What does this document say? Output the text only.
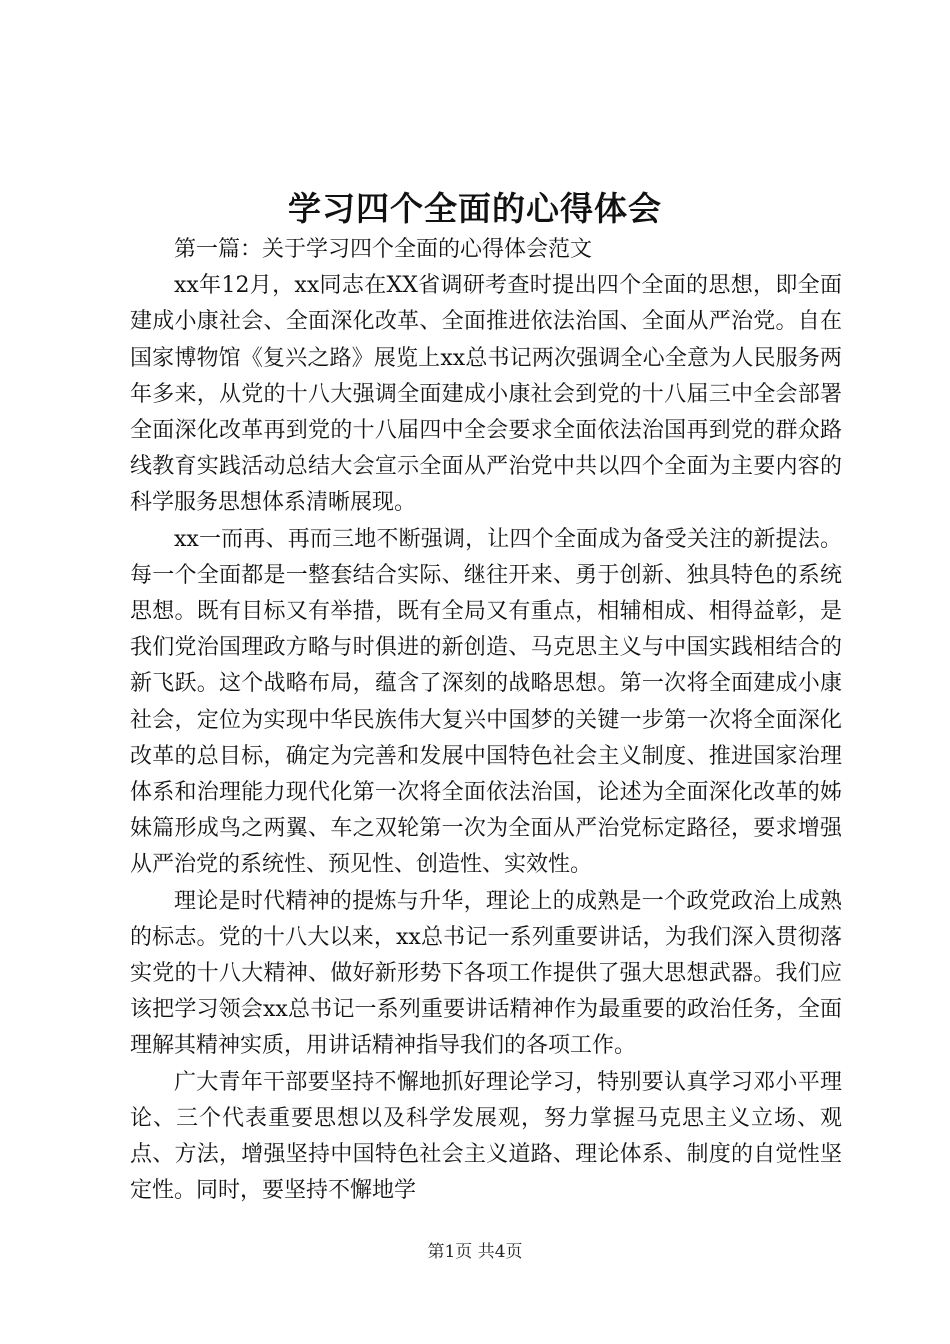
学习四个全面的心得体会

第一篇：关于学习四个全面的心得体会范文

xx年12月，xx同志在XX省调研考查时提出四个全面的思想，即全面建成小康社会、全面深化改革、全面推进依法治国、全面从严治党。自在国家博物馆《复兴之路》展览上xx总书记两次强调全心全意为人民服务两年多来，从党的十八大强调全面建成小康社会到党的十八届三中全会部署全面深化改革再到党的十八届四中全会要求全面依法治国再到党的群众路线教育实践活动总结大会宣示全面从严治党中共以四个全面为主要内容的科学服务思想体系清晰展现。

xx一而再、再而三地不断强调，让四个全面成为备受关注的新提法。每一个全面都是一整套结合实际、继往开来、勇于创新、独具特色的系统思想。既有目标又有举措，既有全局又有重点，相辅相成、相得益彰，是我们党治国理政方略与时俱进的新创造、马克思主义与中国实践相结合的新飞跃。这个战略布局，蕴含了深刻的战略思想。第一次将全面建成小康社会，定位为实现中华民族伟大复兴中国梦的关键一步第一次将全面深化改革的总目标，确定为完善和发展中国特色社会主义制度、推进国家治理体系和治理能力现代化第一次将全面依法治国，论述为全面深化改革的姊妹篇形成鸟之两翼、车之双轮第一次为全面从严治党标定路径，要求增强从严治党的系统性、预见性、创造性、实效性。

理论是时代精神的提炼与升华，理论上的成熟是一个政党政治上成熟的标志。党的十八大以来，xx总书记一系列重要讲话，为我们深入贯彻落实党的十八大精神、做好新形势下各项工作提供了强大思想武器。我们应该把学习领会xx总书记一系列重要讲话精神作为最重要的政治任务，全面理解其精神实质，用讲话精神指导我们的各项工作。

广大青年干部要坚持不懈地抓好理论学习，特别要认真学习邓小平理论、三个代表重要思想以及科学发展观，努力掌握马克思主义立场、观点、方法，增强坚持中国特色社会主义道路、理论体系、制度的自觉性坚定性。同时，要坚持不懈地学

第1页 共4页
